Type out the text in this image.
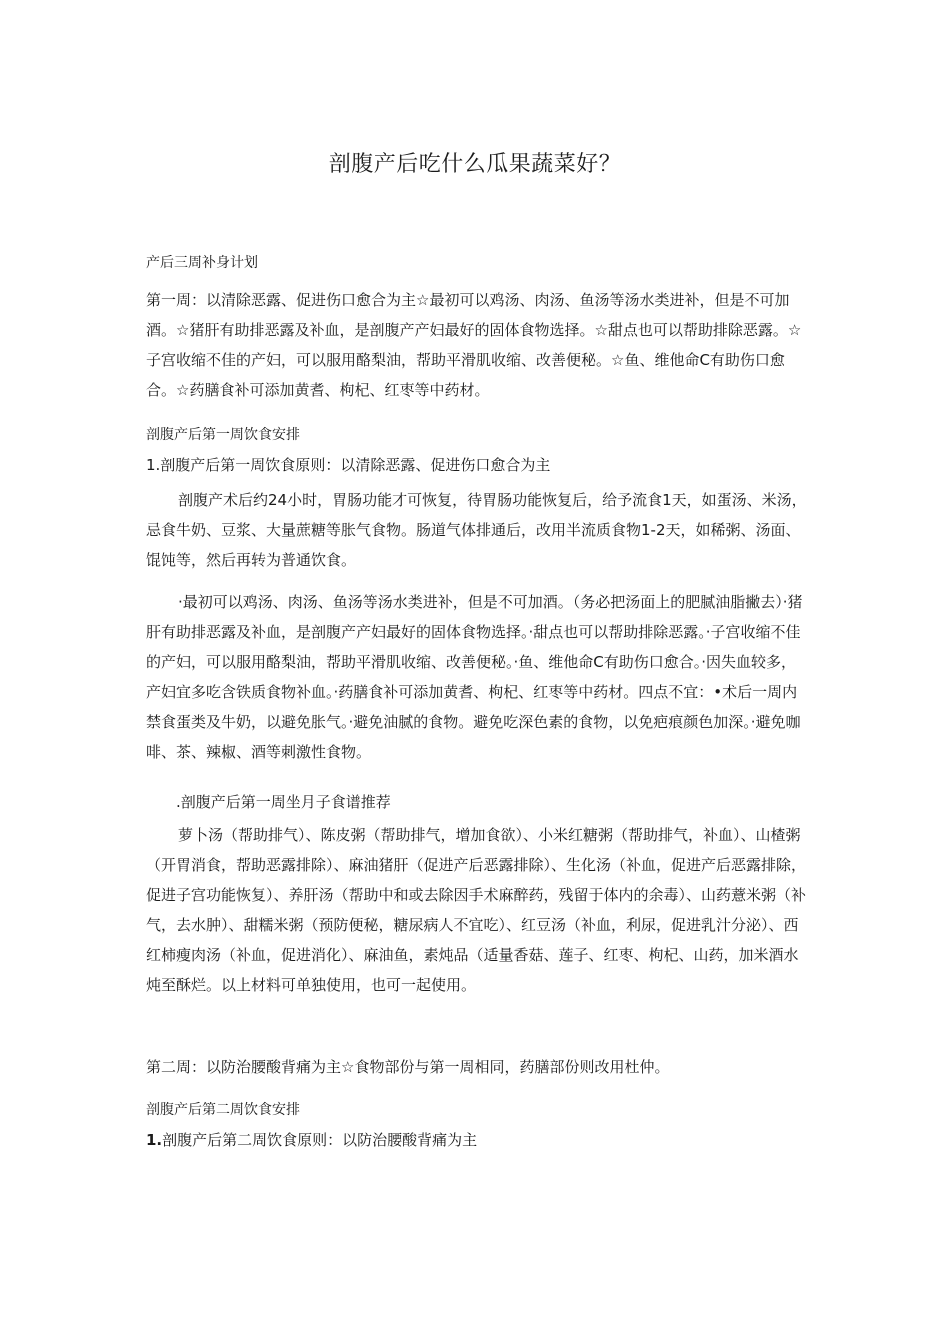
剖腹产后吃什么瓜果蔬菜好？

产后三周补身计划

第一周：以清除恶露、促进伤口愈合为主☆最初可以鸡汤、肉汤、鱼汤等汤水类进补，但是不可加酒。☆猪肝有助排恶露及补血，是剖腹产产妇最好的固体食物选择。☆甜点也可以帮助排除恶露。☆子宫收缩不佳的产妇，可以服用酪梨油，帮助平滑肌收缩、改善便秘。☆鱼、维他命C有助伤口愈合。☆药膳食补可添加黄耆、枸杞、红枣等中药材。

剖腹产后第一周饮食安排

1.剖腹产后第一周饮食原则：以清除恶露、促进伤口愈合为主

剖腹产术后约24小时，胃肠功能才可恢复，待胃肠功能恢复后，给予流食1天，如蛋汤、米汤，忌食牛奶、豆浆、大量蔗糖等胀气食物。肠道气体排通后，改用半流质食物1-2天，如稀粥、汤面、馄饨等，然后再转为普通饮食。

·最初可以鸡汤、肉汤、鱼汤等汤水类进补，但是不可加酒。（务必把汤面上的肥腻油脂撇去）·猪肝有助排恶露及补血，是剖腹产产妇最好的固体食物选择。·甜点也可以帮助排除恶露。·子宫收缩不佳的产妇，可以服用酪梨油，帮助平滑肌收缩、改善便秘。·鱼、维他命C有助伤口愈合。·因失血较多，产妇宜多吃含铁质食物补血。·药膳食补可添加黄耆、枸杞、红枣等中药材。四点不宜：•术后一周内禁食蛋类及牛奶，以避免胀气。·避免油腻的食物。避免吃深色素的食物，以免疤痕颜色加深。·避免咖啡、茶、辣椒、酒等刺激性食物。

.剖腹产后第一周坐月子食谱推荐

萝卜汤（帮助排气）、陈皮粥（帮助排气，增加食欲）、小米红糖粥（帮助排气，补血）、山楂粥（开胃消食，帮助恶露排除）、麻油猪肝（促进产后恶露排除）、生化汤（补血，促进产后恶露排除，促进子宫功能恢复）、养肝汤（帮助中和或去除因手术麻醉药，残留于体内的余毒）、山药薏米粥（补气，去水肿）、甜糯米粥（预防便秘，糖尿病人不宜吃）、红豆汤（补血，利尿，促进乳汁分泌）、西红柿瘦肉汤（补血，促进消化）、麻油鱼，素炖品（适量香菇、莲子、红枣、枸杞、山药，加米酒水炖至酥烂。以上材料可单独使用，也可一起使用。

第二周：以防治腰酸背痛为主☆食物部份与第一周相同，药膳部份则改用杜仲。

剖腹产后第二周饮食安排

1.剖腹产后第二周饮食原则：以防治腰酸背痛为主
